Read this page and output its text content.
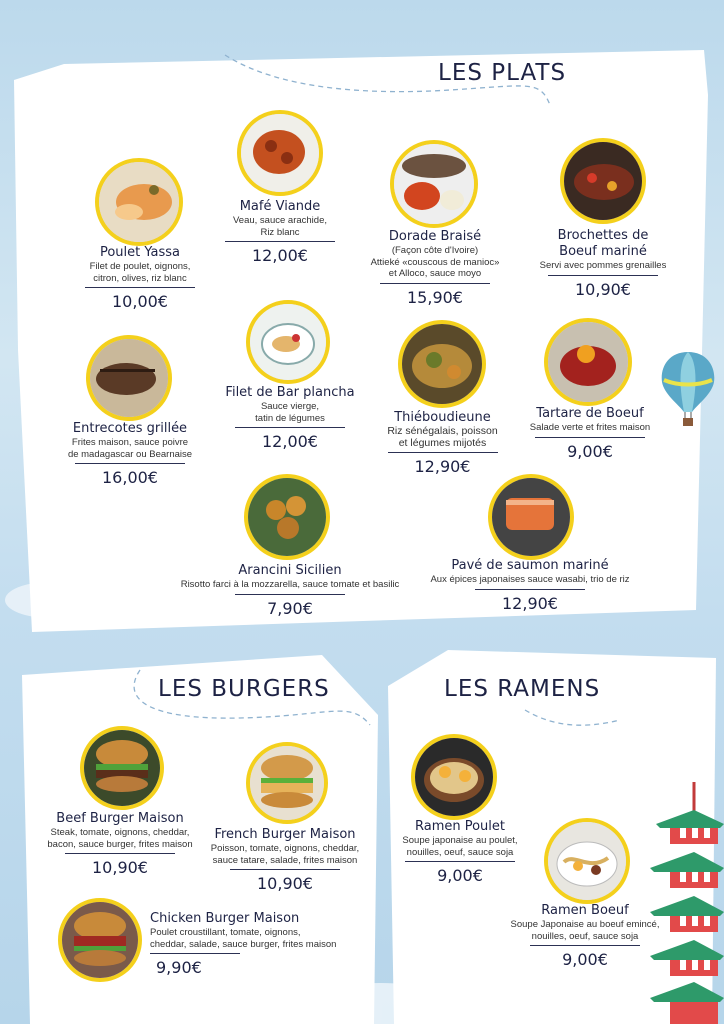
LES PLATS
Poulet Yassa
Filet de poulet, oignons,
citron, olives, riz blanc
10,00€
Mafé Viande
Veau, sauce arachide,
Riz blanc
12,00€
Dorade Braisé
(Façon côte d'Ivoire)
Attieké «couscous de manioc»
et Alloco, sauce moyo
15,90€
Brochettes de
Boeuf mariné
Servi avec pommes grenailles
10,90€
Entrecotes grillée
Frites maison, sauce poivre
de madagascar ou Bearnaise
16,00€
Filet de Bar plancha
Sauce vierge,
tatin de légumes
12,00€
Thiéboudieune
Riz sénégalais, poisson
et légumes mijotés
12,90€
Tartare de Boeuf
Salade verte et frites maison
9,00€
Arancini Sicilien
Risotto farci à la mozzarella, sauce tomate et basilic
7,90€
Pavé de saumon mariné
Aux épices japonaises sauce wasabi, trio de riz
12,90€
LES BURGERS
Beef Burger Maison
Steak, tomate, oignons, cheddar,
bacon, sauce burger, frites maison
10,90€
French Burger Maison
Poisson, tomate, oignons, cheddar,
sauce tatare, salade, frites maison
10,90€
Chicken Burger Maison
Poulet croustillant, tomate, oignons,
cheddar, salade, sauce burger, frites maison
9,90€
LES RAMENS
Ramen Poulet
Soupe japonaise au poulet,
nouilles, oeuf, sauce soja
9,00€
Ramen Boeuf
Soupe Japonaise au boeuf emincé,
nouilles, oeuf, sauce soja
9,00€
